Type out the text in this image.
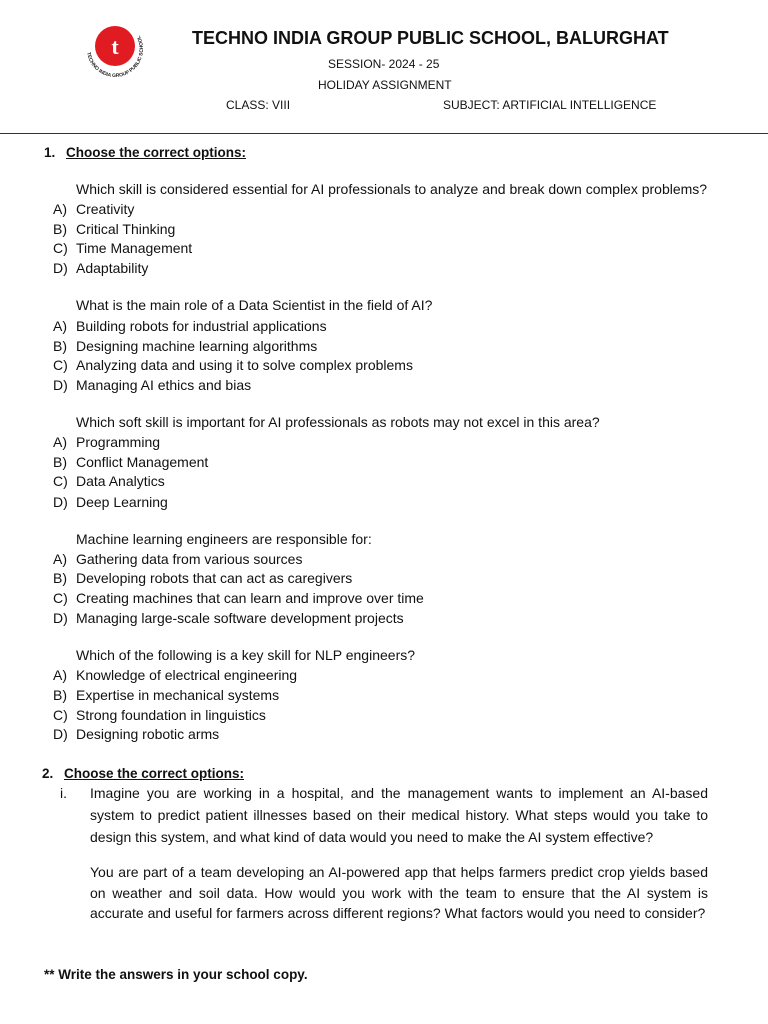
t
TECHNO INDIA GROUP PUBLIC SCHOOL	TECHNO INDIA GROUP PUBLIC SCHOOL, BALURGHAT
SESSION- 2024 - 25
HOLIDAY ASSIGNMENT
CLASS: VIII	SUBJECT: ARTIFICIAL INTELLIGENCE
1. Choose the correct options:
Which skill is considered essential for AI professionals to analyze and break down complex problems?
A) Creativity
B) Critical Thinking
C) Time Management
D) Adaptability
What is the main role of a Data Scientist in the field of AI?
A) Building robots for industrial applications
B) Designing machine learning algorithms
C) Analyzing data and using it to solve complex problems
D) Managing AI ethics and bias
Which soft skill is important for AI professionals as robots may not excel in this area?
A) Programming
B) Conflict Management
C) Data Analytics
D) Deep Learning
Machine learning engineers are responsible for:
A) Gathering data from various sources
B) Developing robots that can act as caregivers
C) Creating machines that can learn and improve over time
D) Managing large-scale software development projects
Which of the following is a key skill for NLP engineers?
A) Knowledge of electrical engineering
B) Expertise in mechanical systems
C) Strong foundation in linguistics
D) Designing robotic arms
2. Choose the correct options:
i. Imagine you are working in a hospital, and the management wants to implement an AI-based system to predict patient illnesses based on their medical history. What steps would you take to design this system, and what kind of data would you need to make the AI system effective?
You are part of a team developing an AI-powered app that helps farmers predict crop yields based on weather and soil data. How would you work with the team to ensure that the AI system is accurate and useful for farmers across different regions? What factors would you need to consider?
** Write the answers in your school copy.
